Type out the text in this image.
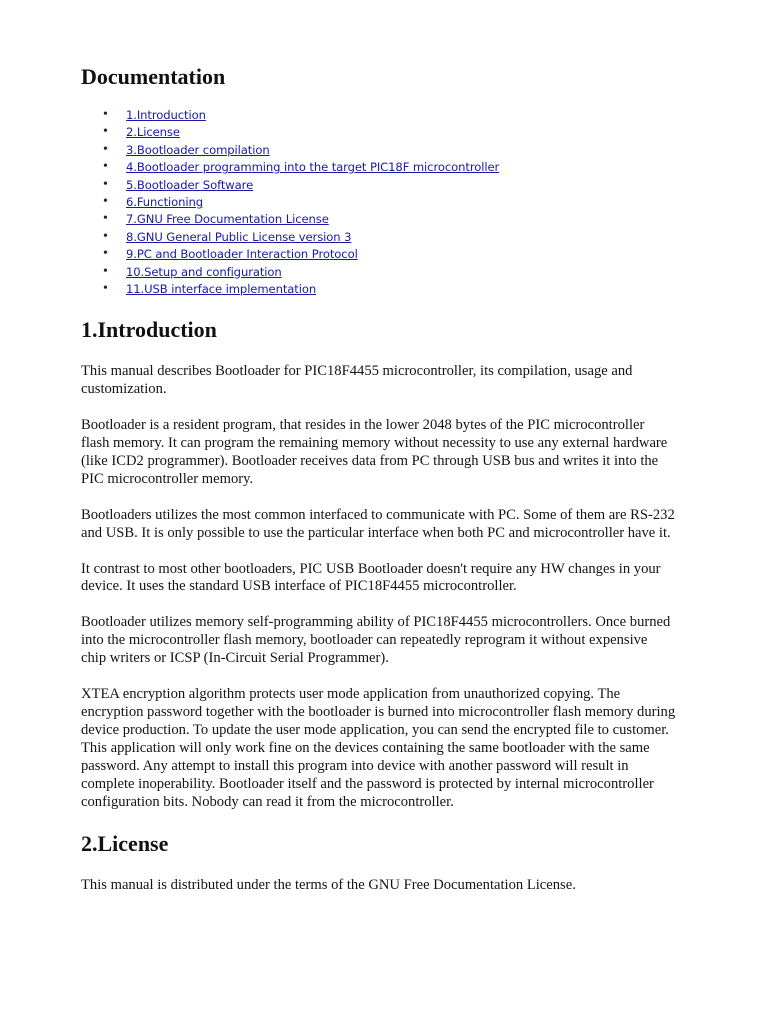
Documentation
• 1.Introduction
• 2.License
• 3.Bootloader compilation
• 4.Bootloader programming into the target PIC18F microcontroller
• 5.Bootloader Software
• 6.Functioning
• 7.GNU Free Documentation License
• 8.GNU General Public License version 3
• 9.PC and Bootloader Interaction Protocol
• 10.Setup and configuration
• 11.USB interface implementation
1.Introduction

This manual describes Bootloader for PIC18F4455 microcontroller, its compilation, usage and customization.

Bootloader is a resident program, that resides in the lower 2048 bytes of the PIC microcontroller flash memory. It can program the remaining memory without necessity to use any external hardware (like ICD2 programmer). Bootloader receives data from PC through USB bus and writes it into the PIC microcontroller memory.

Bootloaders utilizes the most common interfaced to communicate with PC. Some of them are RS-232 and USB. It is only possible to use the particular interface when both PC and microcontroller have it.

It contrast to most other bootloaders, PIC USB Bootloader doesn't require any HW changes in your device. It uses the standard USB interface of PIC18F4455 microcontroller.

Bootloader utilizes memory self-programming ability of PIC18F4455 microcontrollers. Once burned into the microcontroller flash memory, bootloader can repeatedly reprogram it without expensive chip writers or ICSP (In-Circuit Serial Programmer).

XTEA encryption algorithm protects user mode application from unauthorized copying. The encryption password together with the bootloader is burned into microcontroller flash memory during device production. To update the user mode application, you can send the encrypted file to customer. This application will only work fine on the devices containing the same bootloader with the same password. Any attempt to install this program into device with another password will result in complete inoperability. Bootloader itself and the password is protected by internal microcontroller configuration bits. Nobody can read it from the microcontroller.

2.License

This manual is distributed under the terms of the GNU Free Documentation License.
